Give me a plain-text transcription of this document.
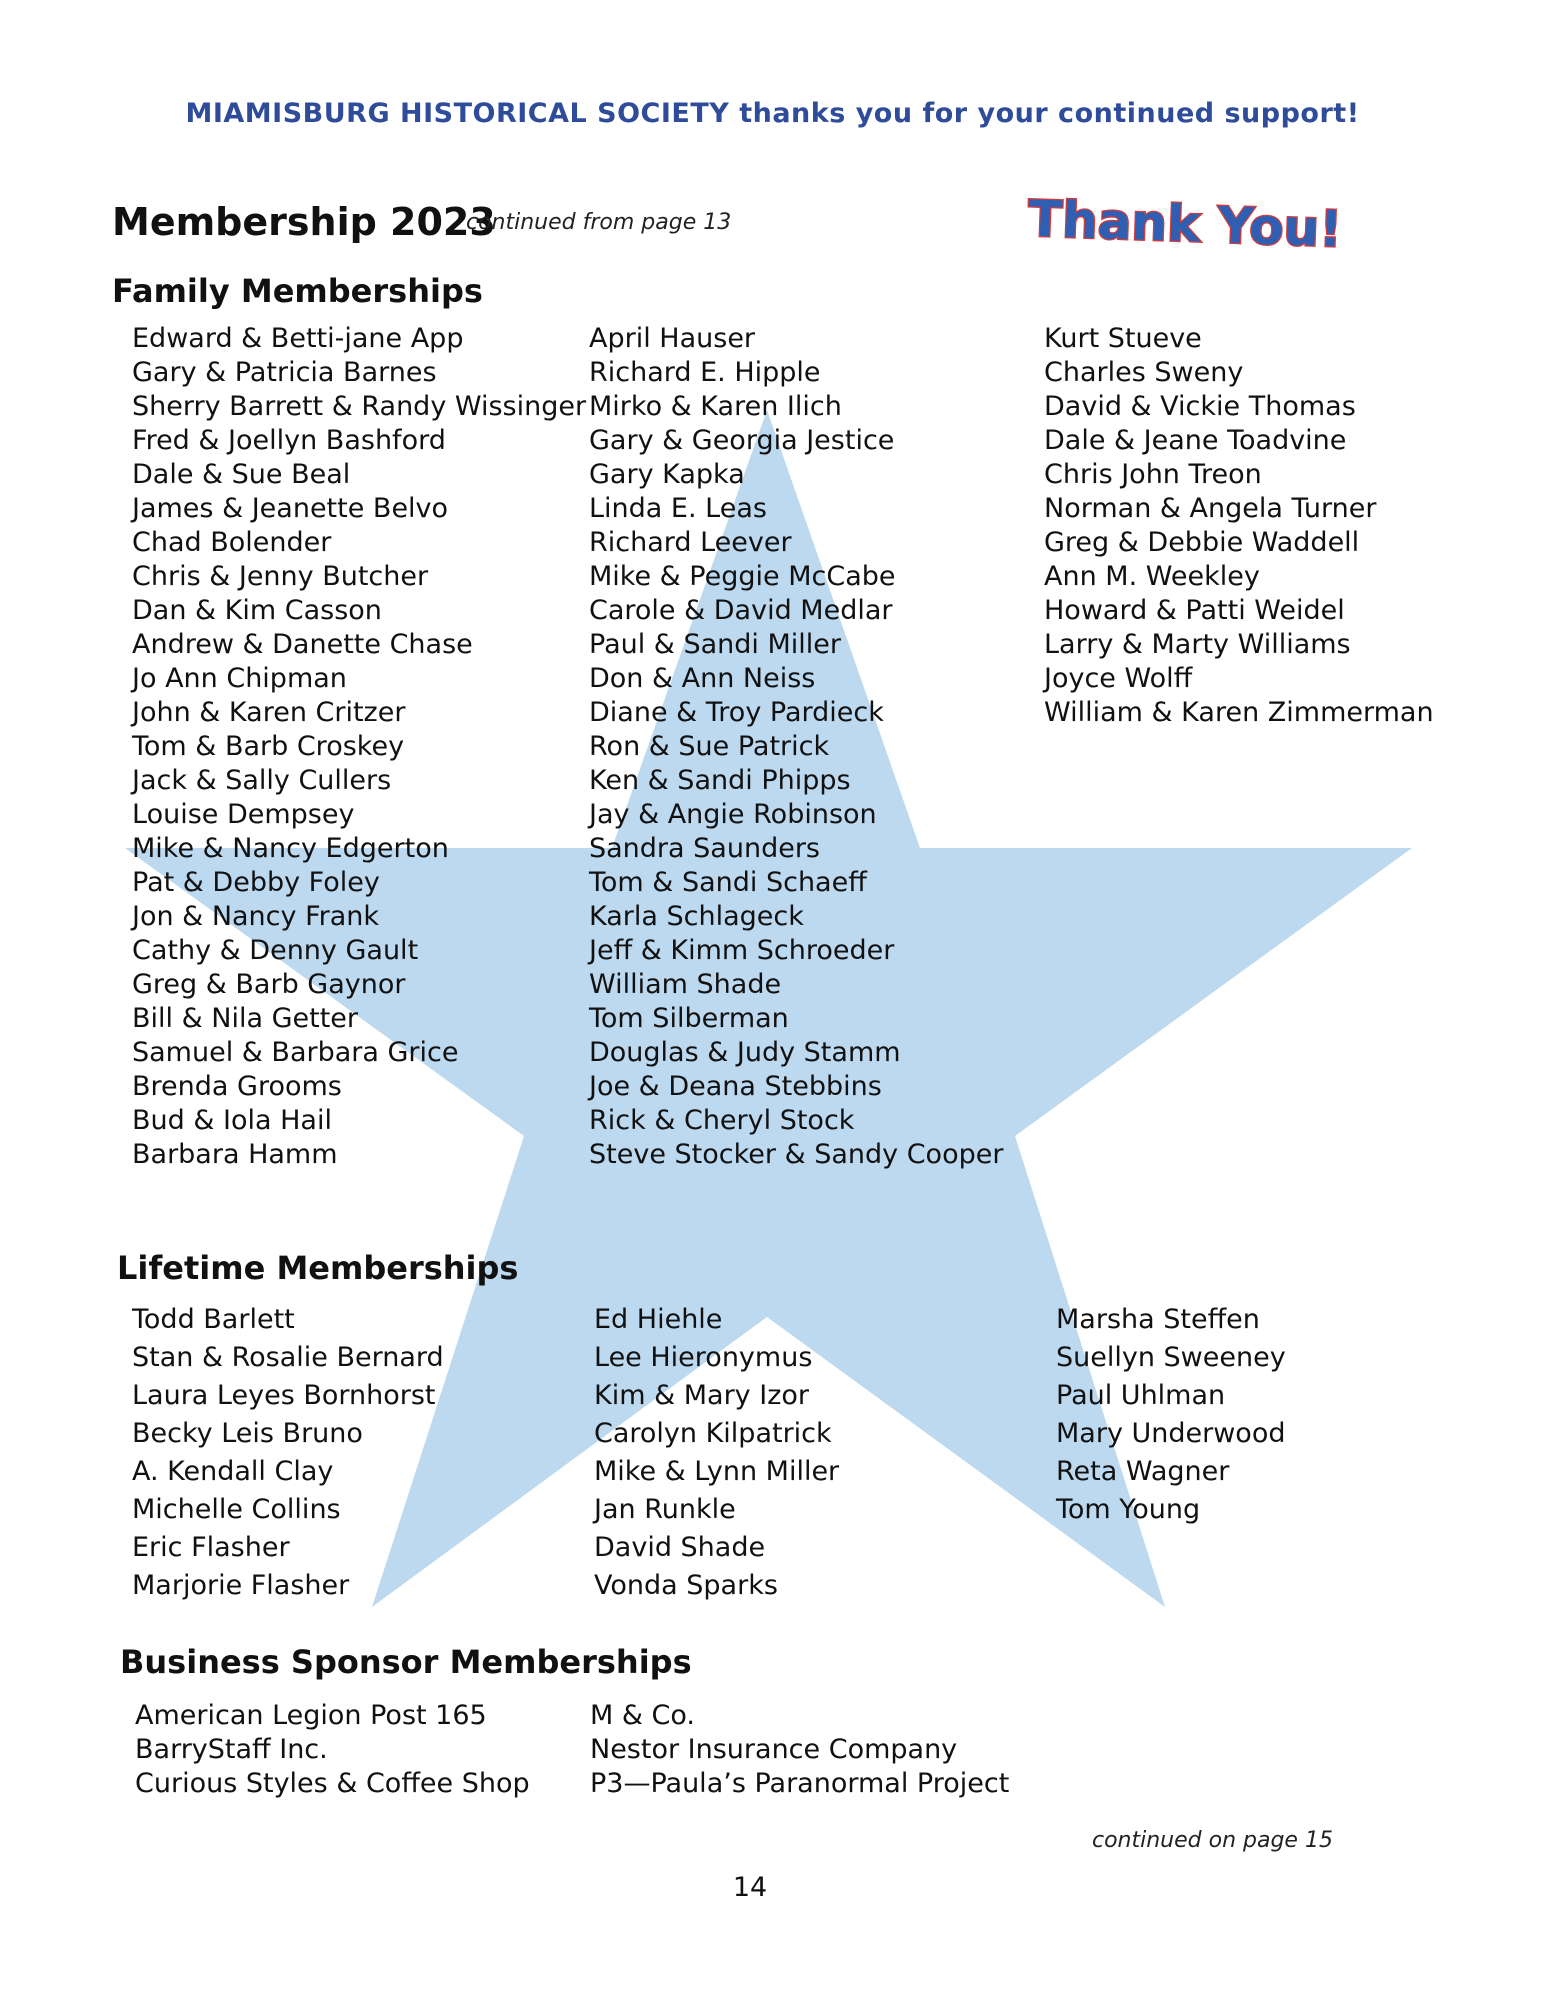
MIAMISBURG HISTORICAL SOCIETY thanks you for your continued support!
Membership 2023
continued from page 13	Thank You!
Family Memberships
Edward & Betti-jane App
Gary & Patricia Barnes
Sherry Barrett & Randy Wissinger
Fred & Joellyn Bashford
Dale & Sue Beal
James & Jeanette Belvo
Chad Bolender
Chris & Jenny Butcher
Dan & Kim Casson
Andrew & Danette Chase
Jo Ann Chipman
John & Karen Critzer
Tom & Barb Croskey
Jack & Sally Cullers
Louise Dempsey
Mike & Nancy Edgerton
Pat & Debby Foley
Jon & Nancy Frank
Cathy & Denny Gault
Greg & Barb Gaynor
Bill & Nila Getter
Samuel & Barbara Grice
Brenda Grooms
Bud & Iola Hail
Barbara Hamm
April Hauser
Richard E. Hipple
Mirko & Karen Ilich
Gary & Georgia Jestice
Gary Kapka
Linda E. Leas
Richard Leever
Mike & Peggie McCabe
Carole & David Medlar
Paul & Sandi Miller
Don & Ann Neiss
Diane & Troy Pardieck
Ron & Sue Patrick
Ken & Sandi Phipps
Jay & Angie Robinson
Sandra Saunders
Tom & Sandi Schaeff
Karla Schlageck
Jeff & Kimm Schroeder
William Shade
Tom Silberman
Douglas & Judy Stamm
Joe & Deana Stebbins
Rick & Cheryl Stock
Steve Stocker & Sandy Cooper
Kurt Stueve
Charles Sweny
David & Vickie Thomas
Dale & Jeane Toadvine
Chris John Treon
Norman & Angela Turner
Greg & Debbie Waddell
Ann M. Weekley
Howard & Patti Weidel
Larry & Marty Williams
Joyce Wolff
William & Karen Zimmerman
Lifetime Memberships
Todd Barlett
Stan & Rosalie Bernard
Laura Leyes Bornhorst
Becky Leis Bruno
A. Kendall Clay
Michelle Collins
Eric Flasher
Marjorie Flasher
Ed Hiehle
Lee Hieronymus
Kim & Mary Izor
Carolyn Kilpatrick
Mike & Lynn Miller
Jan Runkle
David Shade
Vonda Sparks
Marsha Steffen
Suellyn Sweeney
Paul Uhlman
Mary Underwood
Reta Wagner
Tom Young
Business Sponsor Memberships
American Legion Post 165
BarryStaff Inc.
Curious Styles & Coffee Shop
M & Co.
Nestor Insurance Company
P3—Paula’s Paranormal Project
continued on page 15
14
